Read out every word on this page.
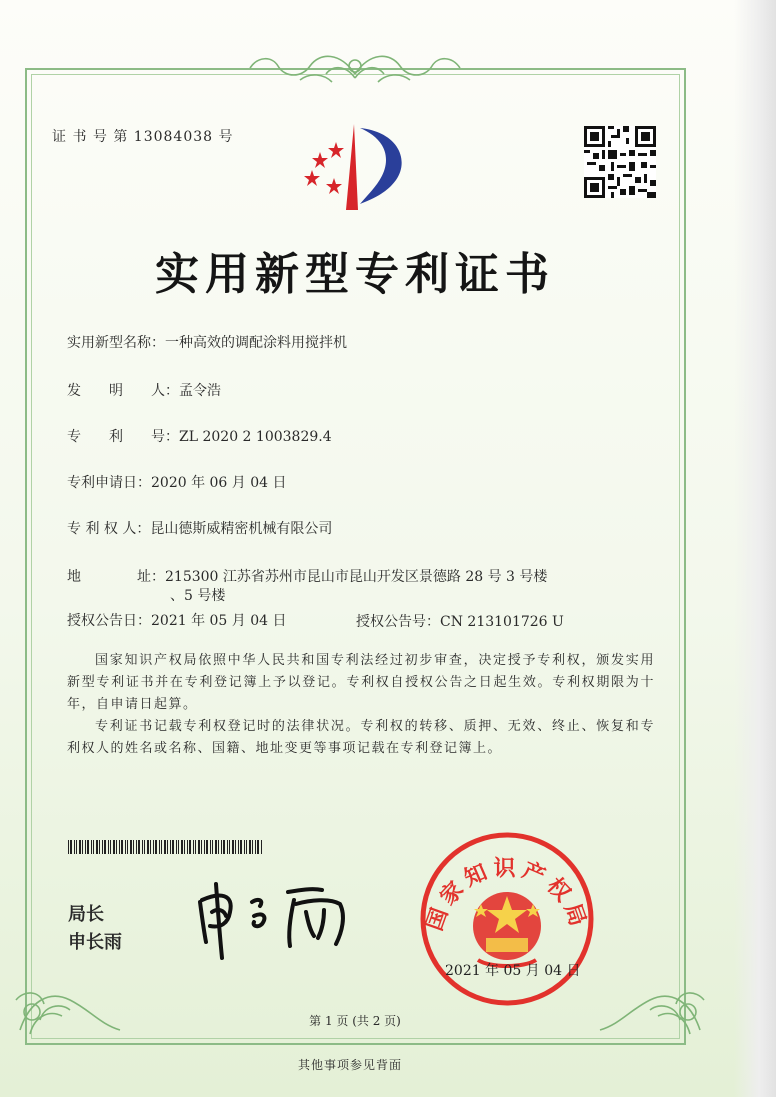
证 书 号 第 13084038 号
实用新型专利证书
实用新型名称：一种高效的调配涂料用搅拌机
发　　明　　人：孟令浩
专　　利　　号：ZL 2020 2 1003829.4
专利申请日：2020 年 06 月 04 日
专 利 权 人：昆山德斯威精密机械有限公司
地　　　　址：215300 江苏省苏州市昆山市昆山开发区景德路 28 号 3 号楼
、5 号楼
授权公告日：2021 年 05 月 04 日	授权公告号：CN 213101726 U
国家知识产权局依照中华人民共和国专利法经过初步审查，决定授予专利权，颁发实用新型专利证书并在专利登记簿上予以登记。专利权自授权公告之日起生效。专利权期限为十年，自申请日起算。
专利证书记载专利权登记时的法律状况。专利权的转移、质押、无效、终止、恢复和专利权人的姓名或名称、国籍、地址变更等事项记载在专利登记簿上。
局长
申长雨
国家知识产权局
2021 年 05 月 04 日
第 1 页 (共 2 页)
其他事项参见背面
